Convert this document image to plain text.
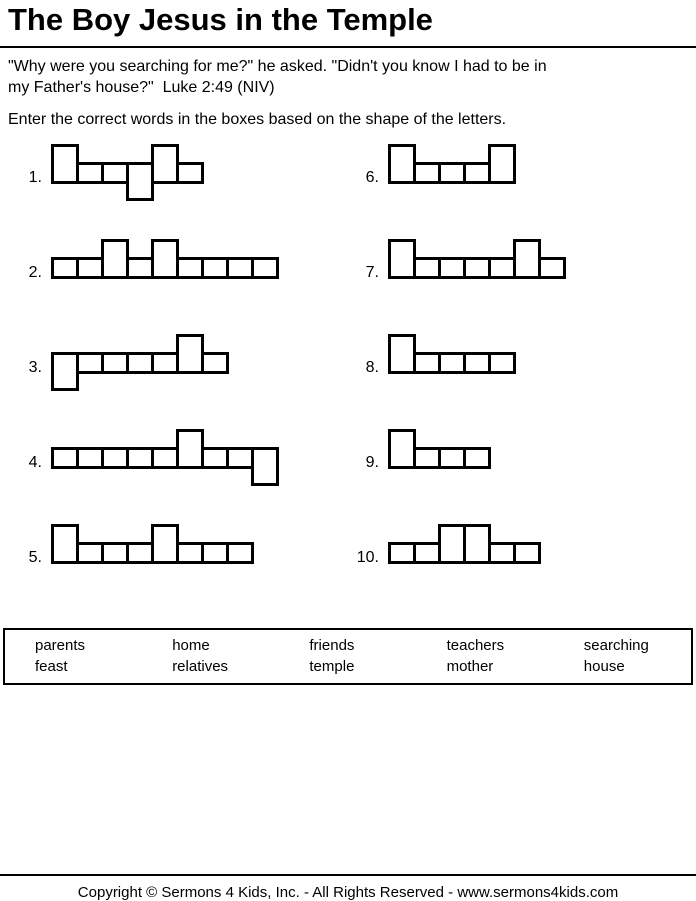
The Boy Jesus in the Temple
"Why were you searching for me?" he asked. "Didn't you know I had to be in
my Father's house?"  Luke 2:49 (NIV)
Enter the correct words in the boxes based on the shape of the letters.
1.
2.
3.
4.
5.
6.
7.
8.
9.
10.
parents	home	friends	teachers	searching
feast	relatives	temple	mother	house
Copyright © Sermons 4 Kids, Inc. - All Rights Reserved - www.sermons4kids.com
